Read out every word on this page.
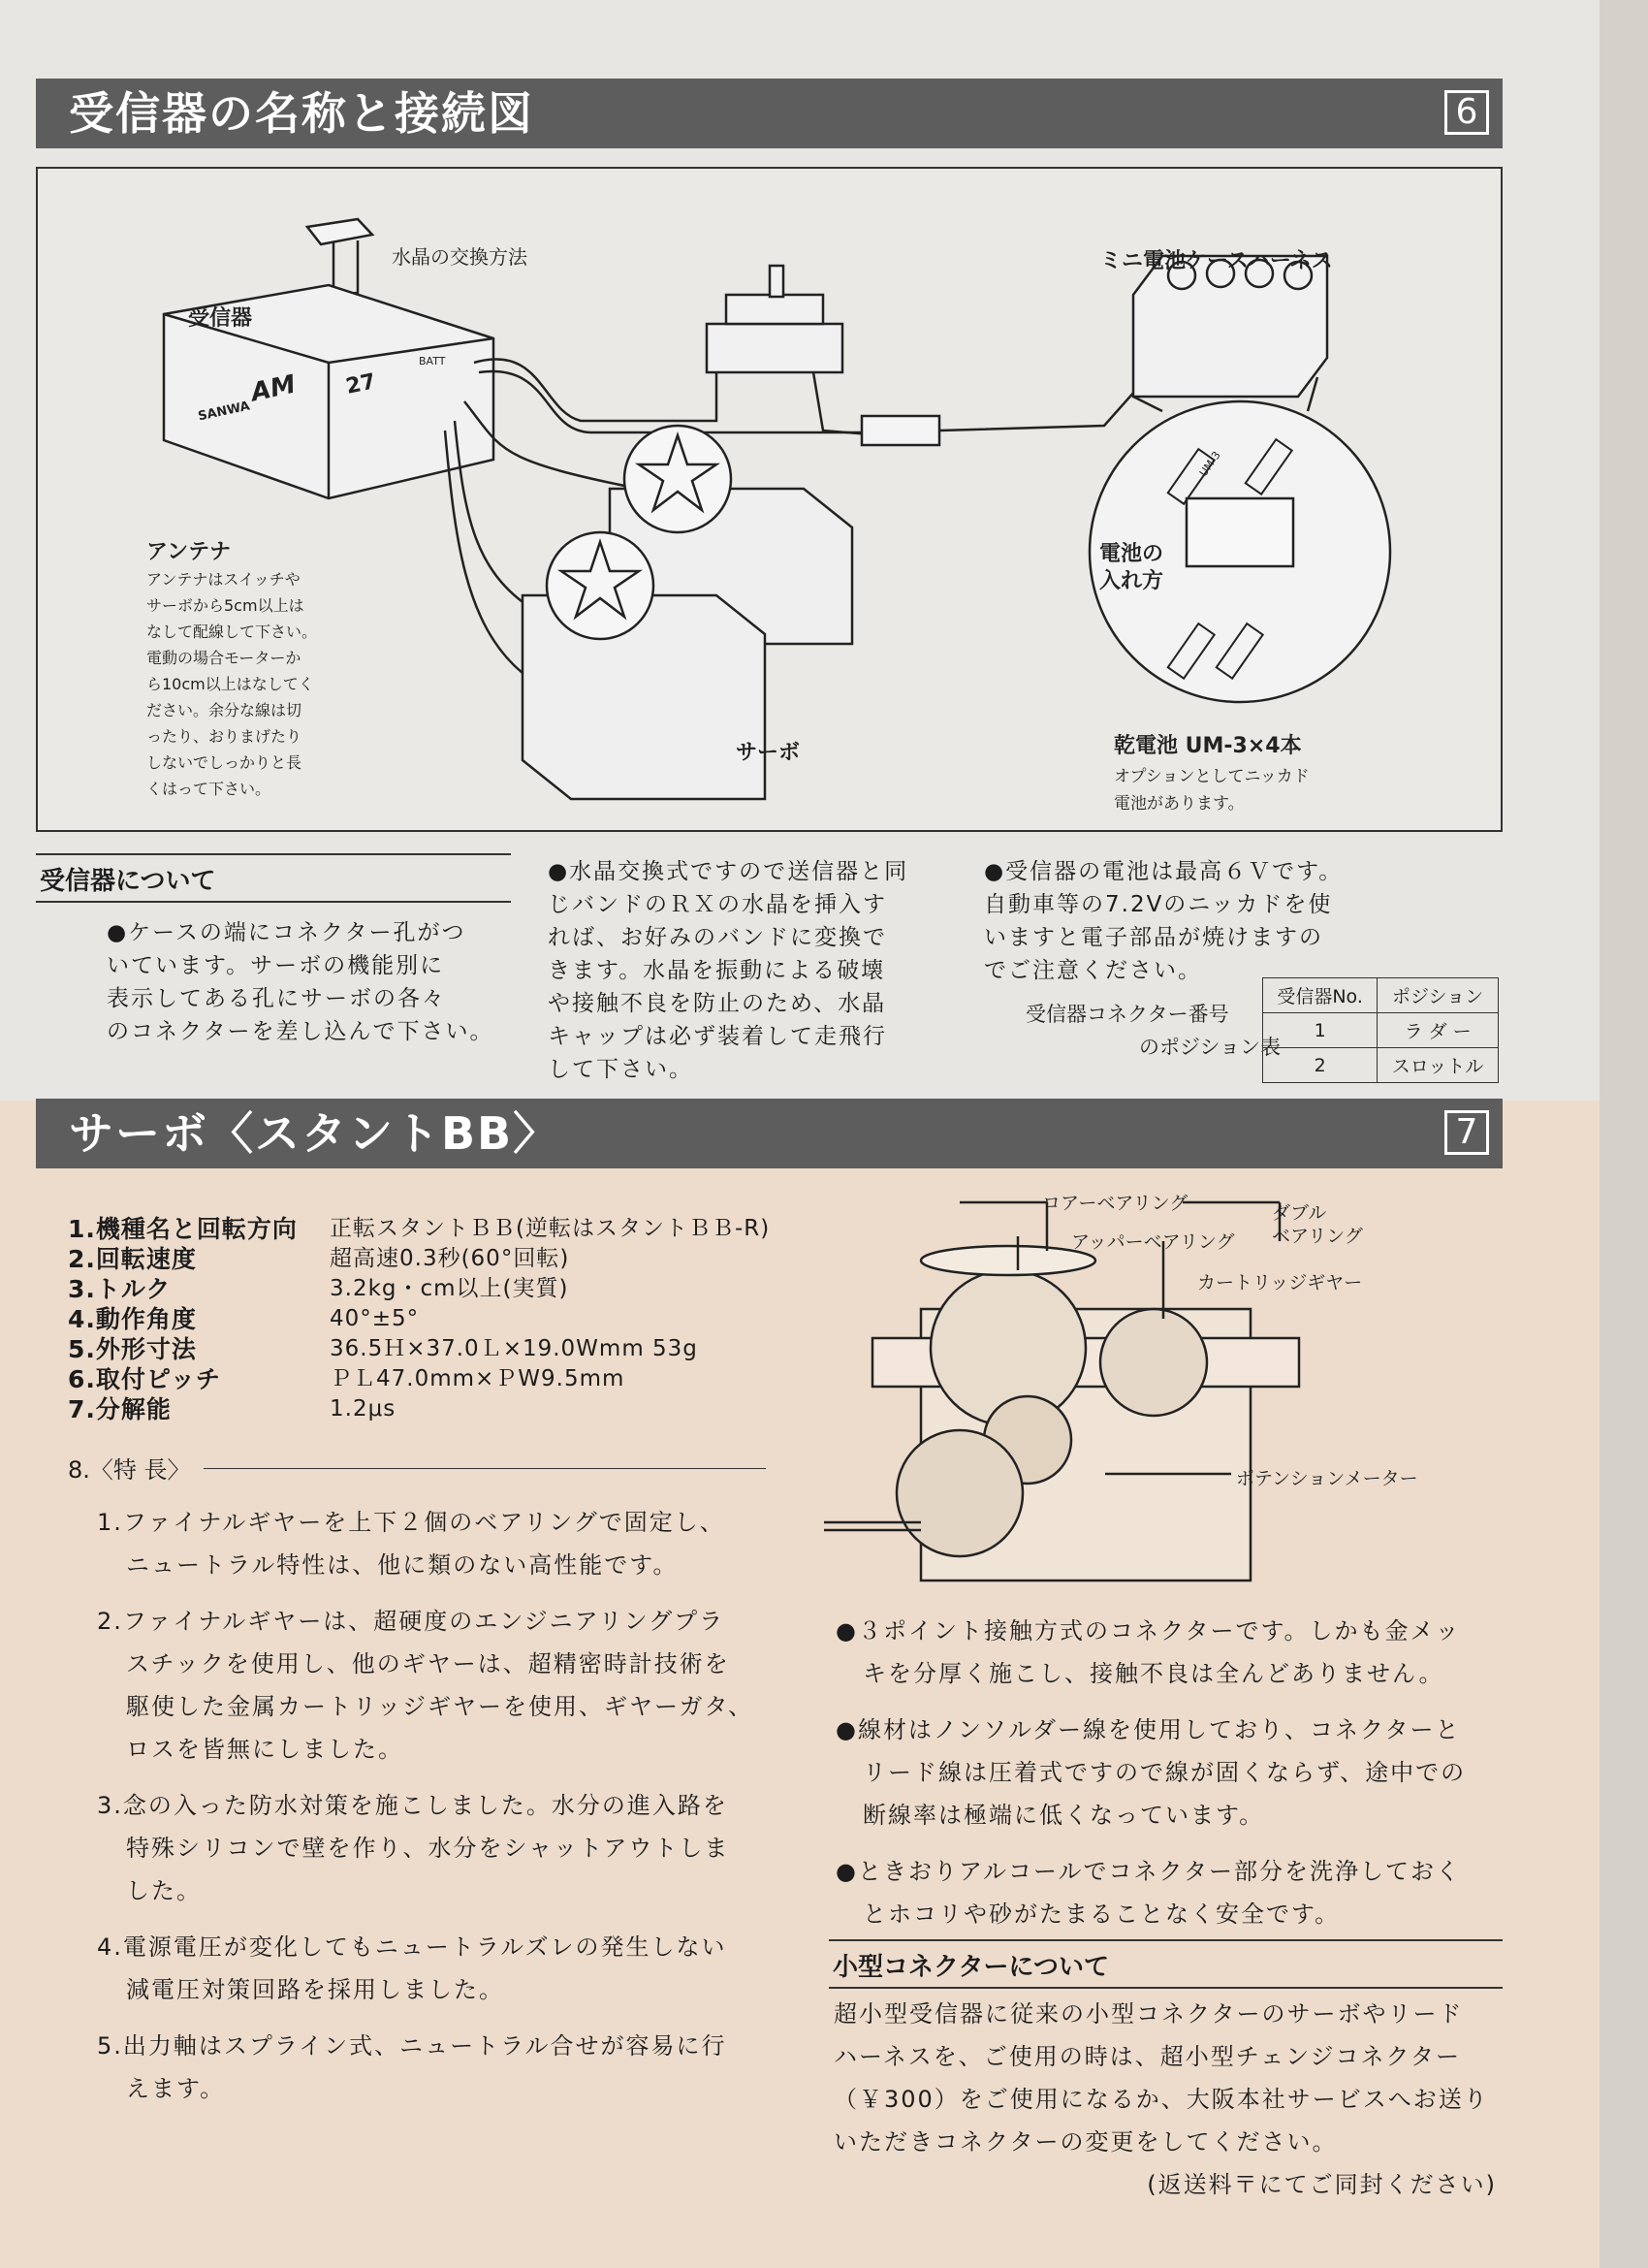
受信器の名称と接続図	6
水晶の交換方法
受信器
AM 27
SANWA
BATT
ミニ電池ケースハーネス
アンテナ
アンテナはスイッチや
サーボから5cm以上は
なして配線して下さい。
電動の場合モーターか
ら10cm以上はなしてく
ださい。余分な線は切
ったり、おりまげたり
しないでしっかりと長
くはって下さい。
サーボ
電池の
入れ方
UM-3
乾電池 UM-3×4本
オプションとしてニッカド
電池があります。
受信器について
●ケースの端にコネクター孔がつ
いています。サーボの機能別に
表示してある孔にサーボの各々
のコネクターを差し込んで下さい。
●水晶交換式ですので送信器と同
じバンドのＲＸの水晶を挿入す
れば、お好みのバンドに変換で
きます。水晶を振動による破壊
や接触不良を防止のため、水晶
キャップは必ず装着して走飛行
して下さい。
●受信器の電池は最高６Ｖです。
自動車等の7.2Vのニッカドを使
いますと電子部品が焼けますの
でご注意ください。
受信器コネクター番号
のポジション表
受信器No.	ポジション
1	ラ ダ ー
2	スロットル
サーボ〈スタントBB〉	7
1.機種名と回転方向	正転スタントＢＢ(逆転はスタントＢＢ-R)
2.回転速度	超高速0.3秒(60°回転)
3.トルク	3.2kg・cm以上(実質)
4.動作角度	40°±5°
5.外形寸法	36.5Ｈ×37.0Ｌ×19.0Wmm 53g
6.取付ピッチ	ＰＬ47.0mm×ＰW9.5mm
7.分解能	1.2μs
8.〈特 長〉

1.ファイナルギヤーを上下２個のベアリングで固定し、
ニュートラル特性は、他に類のない高性能です。

2.ファイナルギヤーは、超硬度のエンジニアリングプラ
スチックを使用し、他のギヤーは、超精密時計技術を
駆使した金属カートリッジギヤーを使用、ギヤーガタ、
ロスを皆無にしました。

3.念の入った防水対策を施こしました。水分の進入路を
特殊シリコンで壁を作り、水分をシャットアウトしま
した。

4.電源電圧が変化してもニュートラルズレの発生しない
減電圧対策回路を採用しました。

5.出力軸はスプライン式、ニュートラル合せが容易に行
えます。

ロアーベアリング
アッパーベアリング
ダブル
ベアリング
カートリッジギヤー
ポテンションメーター

●３ポイント接触方式のコネクターです。しかも金メッ
キを分厚く施こし、接触不良は全んどありません。

●線材はノンソルダー線を使用しており、コネクターと
リード線は圧着式ですので線が固くならず、途中での
断線率は極端に低くなっています。

●ときおりアルコールでコネクター部分を洗浄しておく
とホコリや砂がたまることなく安全です。

小型コネクターについて
超小型受信器に従来の小型コネクターのサーボやリード
ハーネスを、ご使用の時は、超小型チェンジコネクター
（￥300）をご使用になるか、大阪本社サービスへお送り
いただきコネクターの変更をしてください。
(返送料〒にてご同封ください)
